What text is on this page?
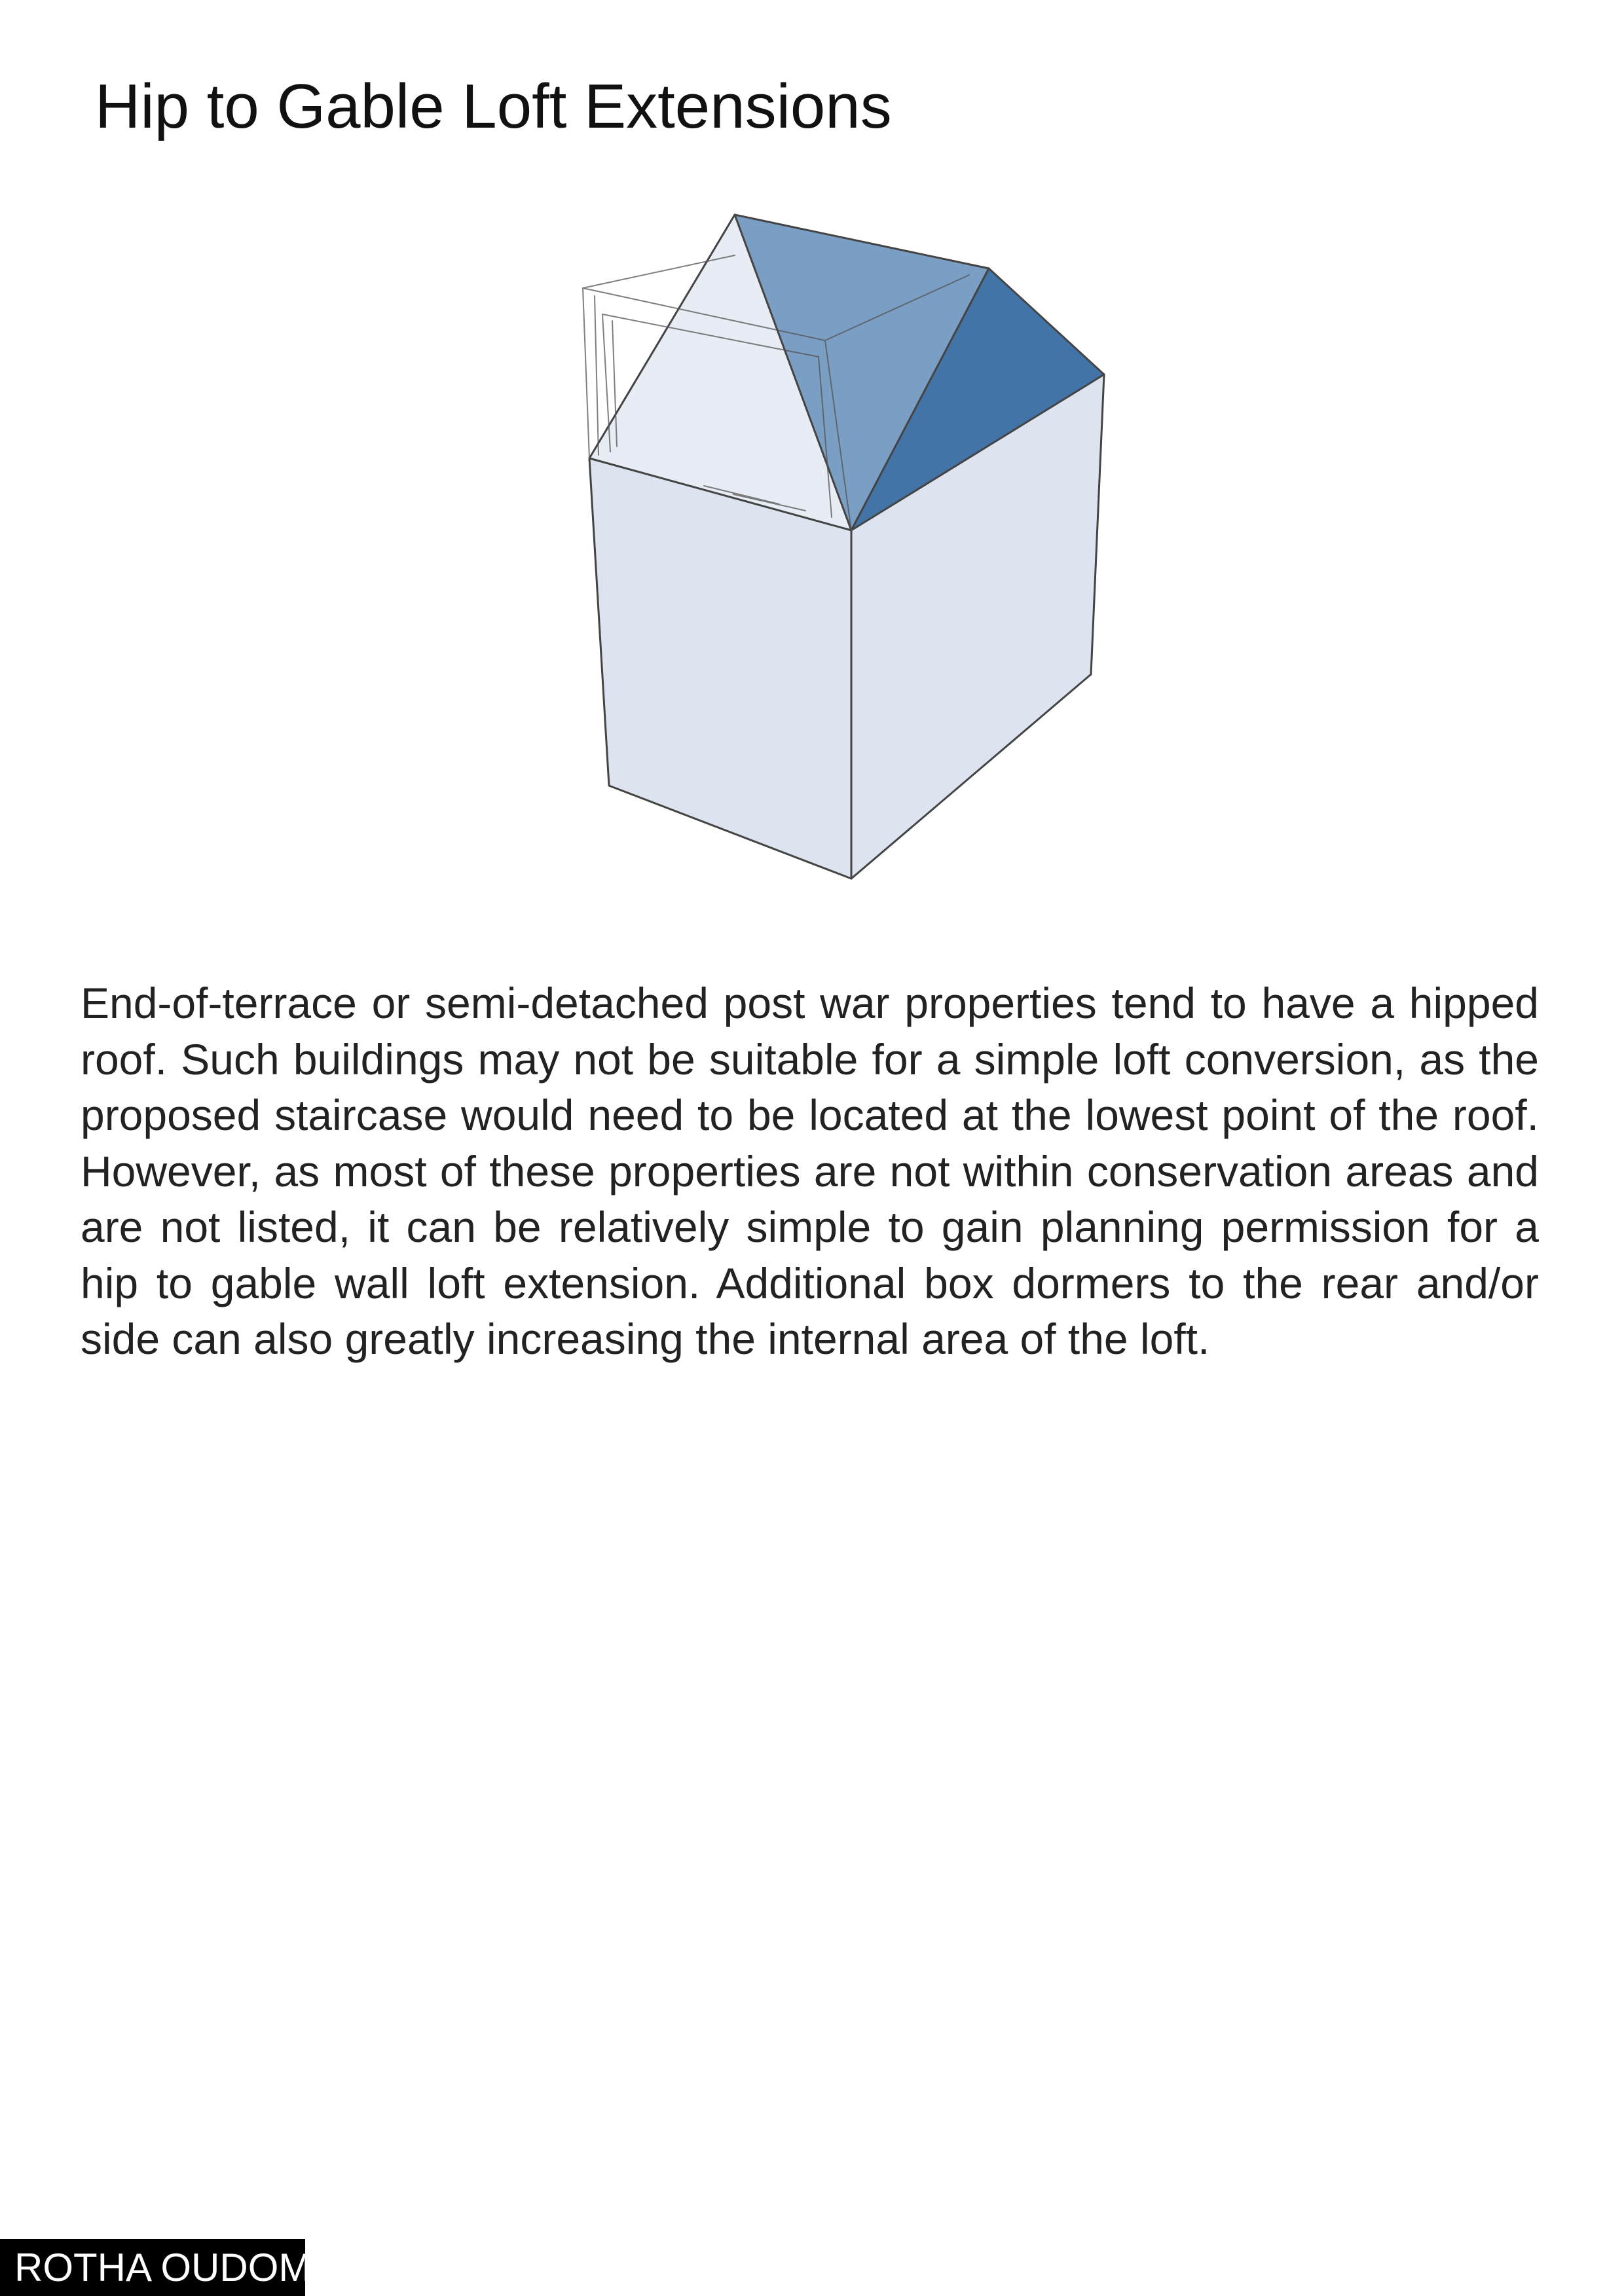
Hip to Gable Loft Extensions

End-of-terrace or semi-detached post war properties tend to have a hipped roof. Such buildings may not be suitable for a simple loft conversion, as the proposed staircase would need to be located at the lowest point of the roof. However, as most of these properties are not within conservation areas and are not listed, it can be relatively simple to gain planning permission for a hip to gable wall loft extension. Additional box dormers to the rear and/or side can also greatly increasing the internal area of the loft.

ROTHA OUDOM
